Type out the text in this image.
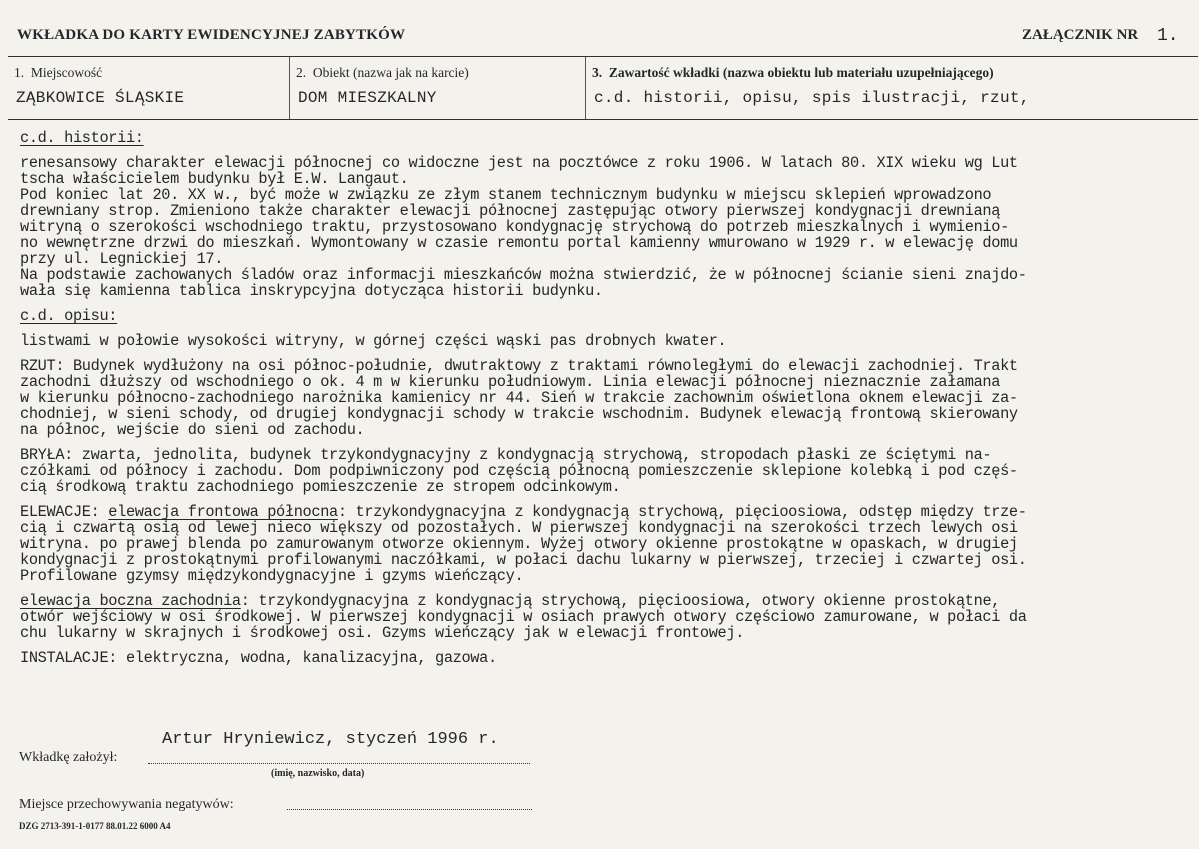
WKŁADKA DO KARTY EWIDENCYJNEJ ZABYTKÓW	ZAŁĄCZNIK NR 1.
1.  Miejscowość
ZĄBKOWICE ŚLĄSKIE
2.  Obiekt (nazwa jak na karcie)
DOM MIESZKALNY
3.  Zawartość wkładki (nazwa obiektu lub materiału uzupełniającego)
c.d. historii, opisu, spis ilustracji, rzut,
c.d. historii:
renesansowy charakter elewacji północnej co widoczne jest na pocztówce z roku 1906. W latach 80. XIX wieku wg Lut
tscha właścicielem budynku był E.W. Langaut.
Pod koniec lat 20. XX w., być może w związku ze złym stanem technicznym budynku w miejscu sklepień wprowadzono
drewniany strop. Zmieniono także charakter elewacji północnej zastępując otwory pierwszej kondygnacji drewnianą
witryną o szerokości wschodniego traktu, przystosowano kondygnację strychową do potrzeb mieszkalnych i wymienio-
no wewnętrzne drzwi do mieszkań. Wymontowany w czasie remontu portal kamienny wmurowano w 1929 r. w elewację domu
przy ul. Legnickiej 17.
Na podstawie zachowanych śladów oraz informacji mieszkańców można stwierdzić, że w północnej ścianie sieni znajdo-
wała się kamienna tablica inskrypcyjna dotycząca historii budynku.
c.d. opisu:
listwami w połowie wysokości witryny, w górnej części wąski pas drobnych kwater.
RZUT: Budynek wydłużony na osi północ-południe, dwutraktowy z traktami równoległymi do elewacji zachodniej. Trakt
zachodni dłuższy od wschodniego o ok. 4 m w kierunku południowym. Linia elewacji północnej nieznacznie załamana
w kierunku północno-zachodniego narożnika kamienicy nr 44. Sień w trakcie zachownim oświetlona oknem elewacji za-
chodniej, w sieni schody, od drugiej kondygnacji schody w trakcie wschodnim. Budynek elewacją frontową skierowany
na północ, wejście do sieni od zachodu.
BRYŁA: zwarta, jednolita, budynek trzykondygnacyjny z kondygnacją strychową, stropodach płaski ze ściętymi na-
czółkami od północy i zachodu. Dom podpiwniczony pod częścią północną pomieszczenie sklepione kolebką i pod częś-
cią środkową traktu zachodniego pomieszczenie ze stropem odcinkowym.
ELEWACJE: elewacja frontowa północna: trzykondygnacyjna z kondygnacją strychową, pięcioosiowa, odstęp między trze-
cią i czwartą osią od lewej nieco większy od pozostałych. W pierwszej kondygnacji na szerokości trzech lewych osi
witryna. po prawej blenda po zamurowanym otworze okiennym. Wyżej otwory okienne prostokątne w opaskach, w drugiej
kondygnacji z prostokątnymi profilowanymi naczółkami, w połaci dachu lukarny w pierwszej, trzeciej i czwartej osi.
Profilowane gzymsy międzykondygnacyjne i gzyms wieńczący.
elewacja boczna zachodnia: trzykondygnacyjna z kondygnacją strychową, pięcioosiowa, otwory okienne prostokątne,
otwór wejściowy w osi środkowej. W pierwszej kondygnacji w osiach prawych otwory częściowo zamurowane, w połaci da
chu lukarny w skrajnych i środkowej osi. Gzyms wieńczący jak w elewacji frontowej.
INSTALACJE: elektryczna, wodna, kanalizacyjna, gazowa.
Wkładkę założył:
Artur Hryniewicz, styczeń 1996 r.
(imię, nazwisko, data)
Miejsce przechowywania negatywów:
DZG 2713-391-1-0177 88.01.22 6000 A4
